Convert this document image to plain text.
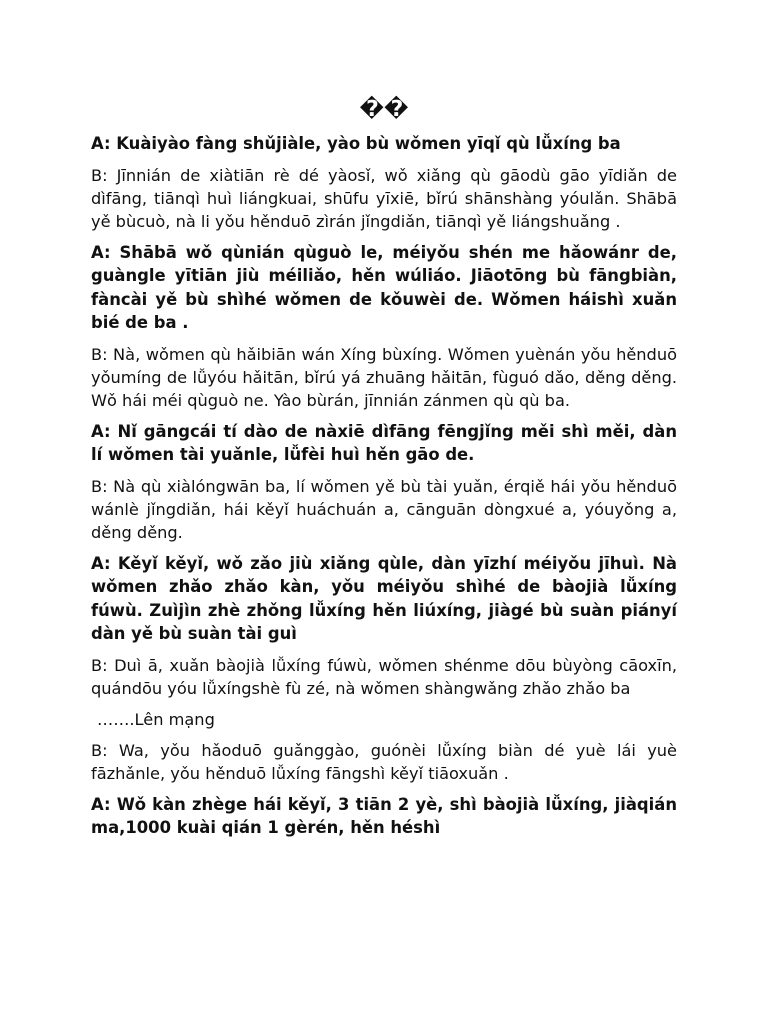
��

A: Kuàiyào fàng shǔjiàle, yào bù wǒmen yīqǐ qù lǚxíng ba

B: Jīnnián de xiàtiān rè dé yàosǐ, wǒ xiǎng qù gāodù gāo yīdiǎn de dìfāng, tiānqì huì liángkuai, shūfu yīxiē, bǐrú shānshàng yóulǎn. Shābā yě bùcuò, nà li yǒu hěnduō zìrán jǐngdiǎn, tiānqì yě liángshuǎng .

A: Shābā wǒ qùnián qùguò le, méiyǒu shén me hǎowánr de, guàngle yītiān jiù méiliǎo, hěn wúliáo. Jiāotōng bù fāngbiàn, fàncài yě bù shìhé wǒmen de kǒuwèi de. Wǒmen háishì xuǎn bié de ba .

B: Nà, wǒmen qù hǎibiān wán Xíng bùxíng. Wǒmen yuènán yǒu hěnduō yǒumíng de lǚyóu hǎitān, bǐrú yá zhuāng hǎitān, fùguó dǎo, děng děng. Wǒ hái méi qùguò ne. Yào bùrán, jīnnián zánmen qù qù ba.

A: Nǐ gāngcái tí dào de nàxiē dìfāng fēngjǐng měi shì měi, dàn lí wǒmen tài yuǎnle, lǚfèi huì hěn gāo de.

B: Nà qù xiàlóngwān ba, lí wǒmen yě bù tài yuǎn, érqiě hái yǒu hěnduō wánlè jǐngdiǎn, hái kěyǐ huáchuán a, cānguān dòngxué a, yóuyǒng a, děng děng.

A: Kěyǐ kěyǐ, wǒ zǎo jiù xiǎng qùle, dàn yīzhí méiyǒu jīhuì. Nà wǒmen zhǎo zhǎo kàn, yǒu méiyǒu shìhé de bàojià lǚxíng fúwù. Zuìjìn zhè zhǒng lǚxíng hěn liúxíng, jiàgé bù suàn piányí dàn yě bù suàn tài guì

B: Duì ā, xuǎn bàojià lǚxíng fúwù, wǒmen shénme dōu bùyòng cāoxīn, quándōu yóu lǚxíngshè fù zé, nà wǒmen shàngwǎng zhǎo zhǎo ba

…….Lên mạng

B: Wa, yǒu hǎoduō guǎnggào, guónèi lǚxíng biàn dé yuè lái yuè fāzhǎnle, yǒu hěnduō lǚxíng fāngshì kěyǐ tiāoxuǎn .

A: Wǒ kàn zhège hái kěyǐ, 3 tiān 2 yè, shì bàojià lǚxíng, jiàqián ma,1000 kuài qián 1 gèrén, hěn héshì
